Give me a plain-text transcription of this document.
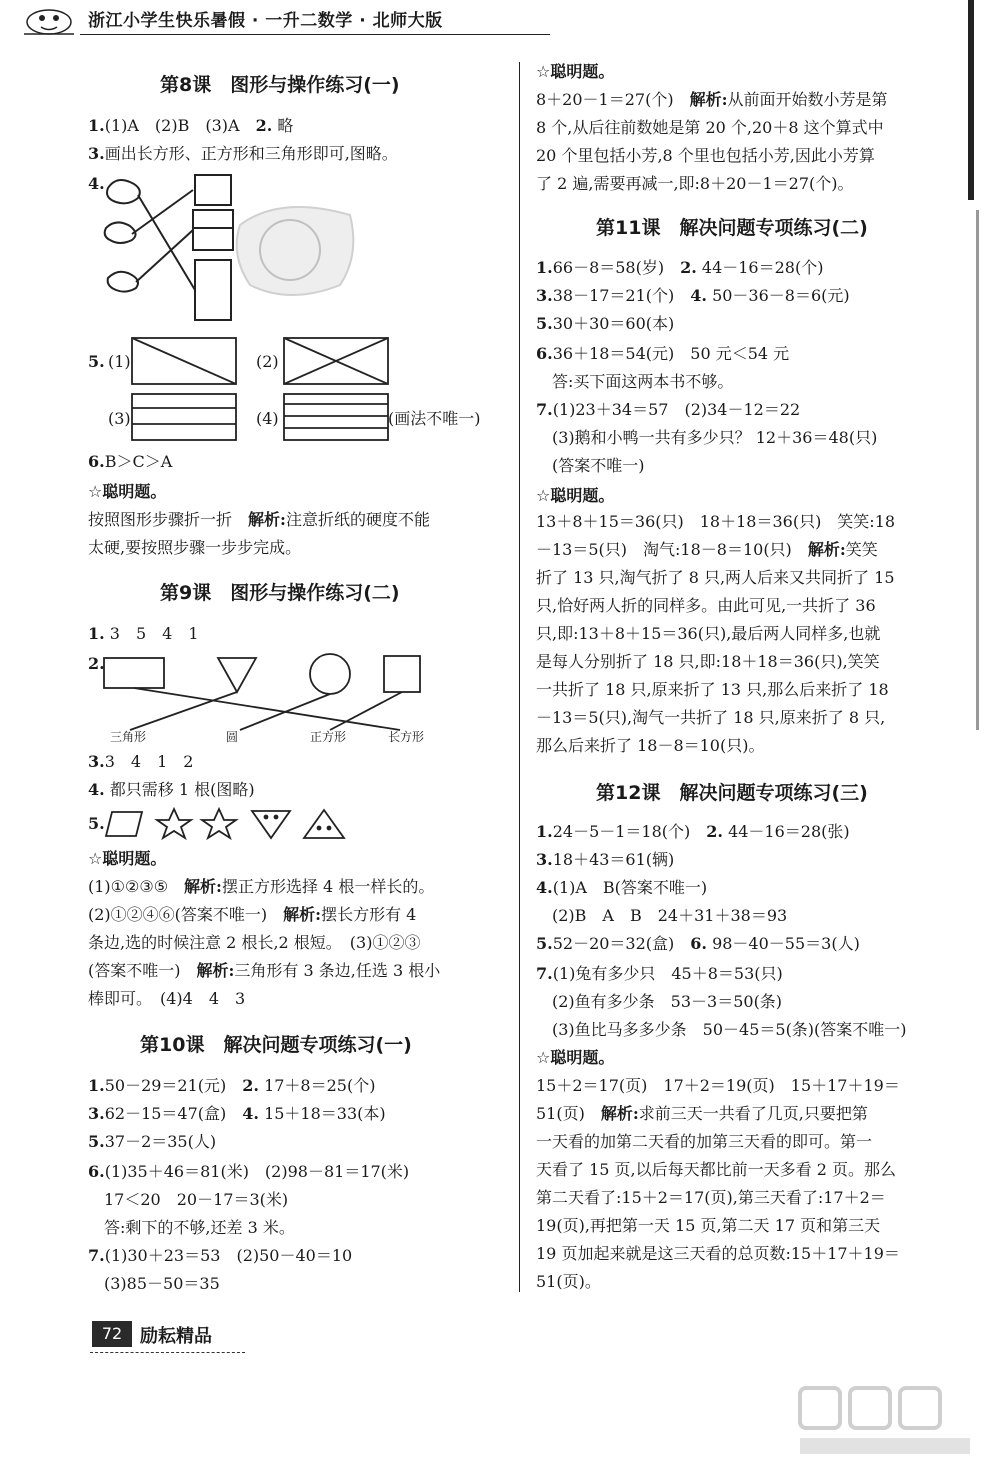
浙江小学生快乐暑假 · 一升二数学 · 北师大版
第8课　图形与操作练习(一)
1.(1)A　(2)B　(3)A　2. 略
3.画出长方形、正方形和三角形即可,图略。
4.
5. (1)	(2)
(3)	(4)	(画法不唯一)
6.B＞C＞A
☆聪明题。
按照图形步骤折一折　解析:注意折纸的硬度不能
太硬,要按照步骤一步步完成。
第9课　图形与操作练习(二)
1. 3　5　4　1
2.
三角形	圆	正方形	长方形
3.3　4　1　2
4. 都只需移 1 根(图略)
5.
☆聪明题。
(1)①②③⑤　解析:摆正方形选择 4 根一样长的。
(2)①②④⑥(答案不唯一)　解析:摆长方形有 4
条边,选的时候注意 2 根长,2 根短。　(3)①②③
(答案不唯一)　解析:三角形有 3 条边,任选 3 根小
棒即可。　(4)4　4　3
第10课　解决问题专项练习(一)
1.50－29＝21(元)　2. 17＋8＝25(个)
3.62－15＝47(盒)　4. 15＋18＝33(本)
5.37－2＝35(人)
6.(1)35＋46＝81(米)　(2)98－81＝17(米)
17＜20　20－17＝3(米)
答:剩下的不够,还差 3 米。
7.(1)30＋23＝53　(2)50－40＝10
(3)85－50＝35
☆聪明题。
8＋20－1＝27(个)　解析:从前面开始数小芳是第
8 个,从后往前数她是第 20 个,20＋8 这个算式中
20 个里包括小芳,8 个里也包括小芳,因此小芳算
了 2 遍,需要再减一,即:8＋20－1＝27(个)。
第11课　解决问题专项练习(二)
1.66－8＝58(岁)　2. 44－16＝28(个)
3.38－17＝21(个)　4. 50－36－8＝6(元)
5.30＋30＝60(本)
6.36＋18＝54(元)　50 元＜54 元
答:买下面这两本书不够。
7.(1)23＋34＝57　(2)34－12＝22
(3)鹅和小鸭一共有多少只？ 12＋36＝48(只)
(答案不唯一)
☆聪明题。
13＋8＋15＝36(只)　18＋18＝36(只)　笑笑:18
－13＝5(只)　淘气:18－8＝10(只)　解析:笑笑
折了 13 只,淘气折了 8 只,两人后来又共同折了 15
只,恰好两人折的同样多。由此可见,一共折了 36
只,即:13＋8＋15＝36(只),最后两人同样多,也就
是每人分别折了 18 只,即:18＋18＝36(只),笑笑
一共折了 18 只,原来折了 13 只,那么后来折了 18
－13＝5(只),淘气一共折了 18 只,原来折了 8 只,
那么后来折了 18－8＝10(只)。
第12课　解决问题专项练习(三)
1.24－5－1＝18(个)　2. 44－16＝28(张)
3.18＋43＝61(辆)
4.(1)A　B(答案不唯一)
(2)B　A　B　24＋31＋38＝93
5.52－20＝32(盒)　6. 98－40－55＝3(人)
7.(1)兔有多少只　45＋8＝53(只)
(2)鱼有多少条　53－3＝50(条)
(3)鱼比马多多少条　50－45＝5(条)(答案不唯一)
☆聪明题。
15＋2＝17(页)　17＋2＝19(页)　15＋17＋19＝
51(页)　解析:求前三天一共看了几页,只要把第
一天看的加第二天看的加第三天看的即可。第一
天看了 15 页,以后每天都比前一天多看 2 页。那么
第二天看了:15＋2＝17(页),第三天看了:17＋2＝
19(页),再把第一天 15 页,第二天 17 页和第三天
19 页加起来就是这三天看的总页数:15＋17＋19＝
51(页)。
72 励耘精品
